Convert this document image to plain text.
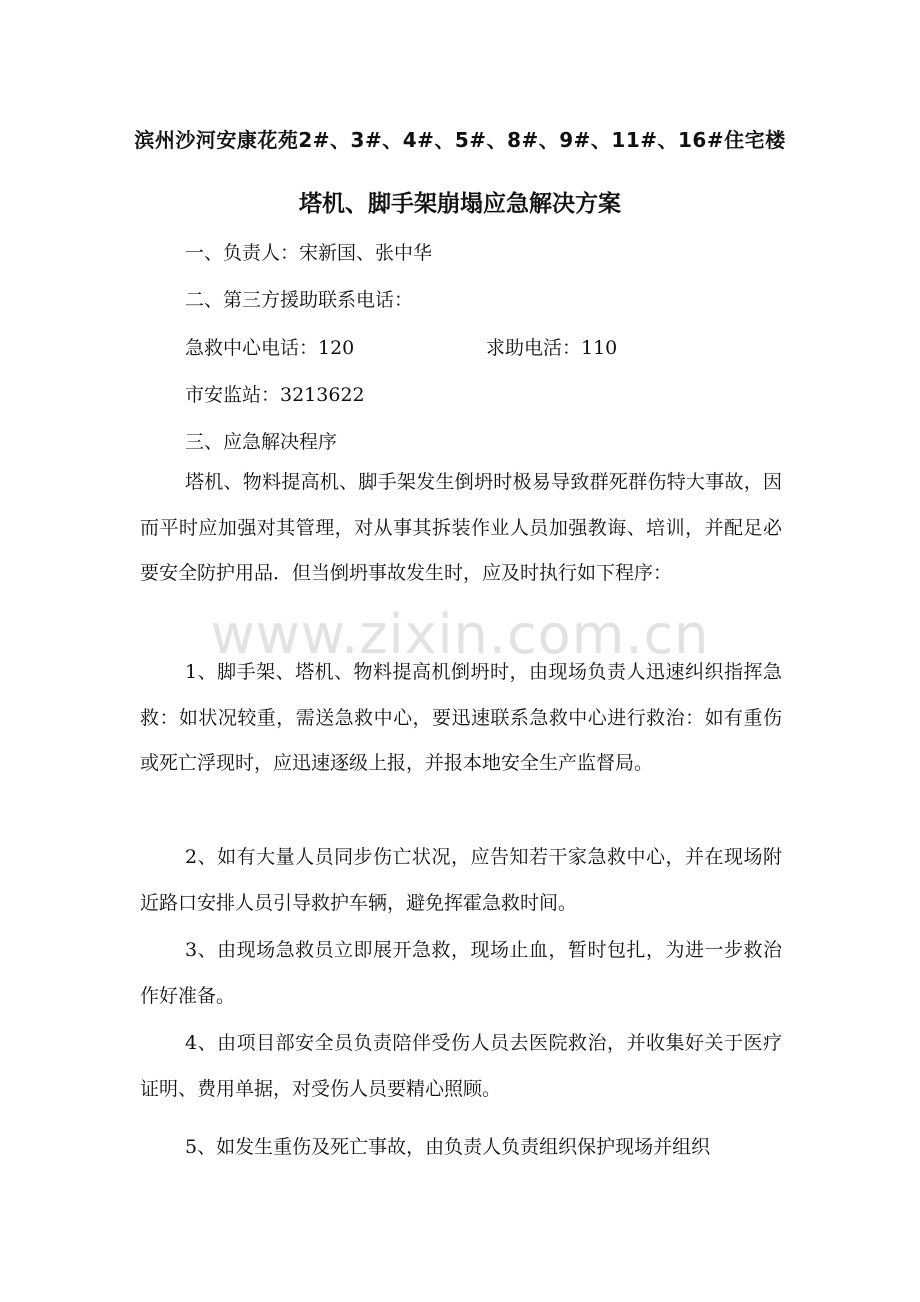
滨州沙河安康花苑2#、3#、4#、5#、8#、9#、11#、16#住宅楼
塔机、脚手架崩塌应急解决方案
一、负责人：宋新国、张中华
二、第三方援助联系电话：
急救中心电话：120	求助电活：110
市安监站：3213622
三、应急解决程序
塔机、物料提高机、脚手架发生倒坍时极易导致群死群伤特大事故，因而平时应加强对其管理，对从事其拆装作业人员加强教诲、培训，并配足必要安全防护用品．但当倒坍事故发生时，应及时执行如下程序：
1、脚手架、塔机、物料提高机倒坍时，由现场负责人迅速纠织指挥急救：如状况较重，需送急救中心，要迅速联系急救中心进行救治：如有重伤或死亡浮现时，应迅速逐级上报，并报本地安全生产监督局。
2、如有大量人员同步伤亡状况，应告知若干家急救中心，并在现场附近路口安排人员引导救护车辆，避免挥霍急救时间。
3、由现场急救员立即展开急救，现场止血，暂时包扎，为进一步救治作好准备。
4、由项目部安全员负责陪伴受伤人员去医院救治，并收集好关于医疗证明、费用单据，对受伤人员要精心照顾。
5、如发生重伤及死亡事故，由负责人负责组织保护现场并组织
www.zixin.com.cn
